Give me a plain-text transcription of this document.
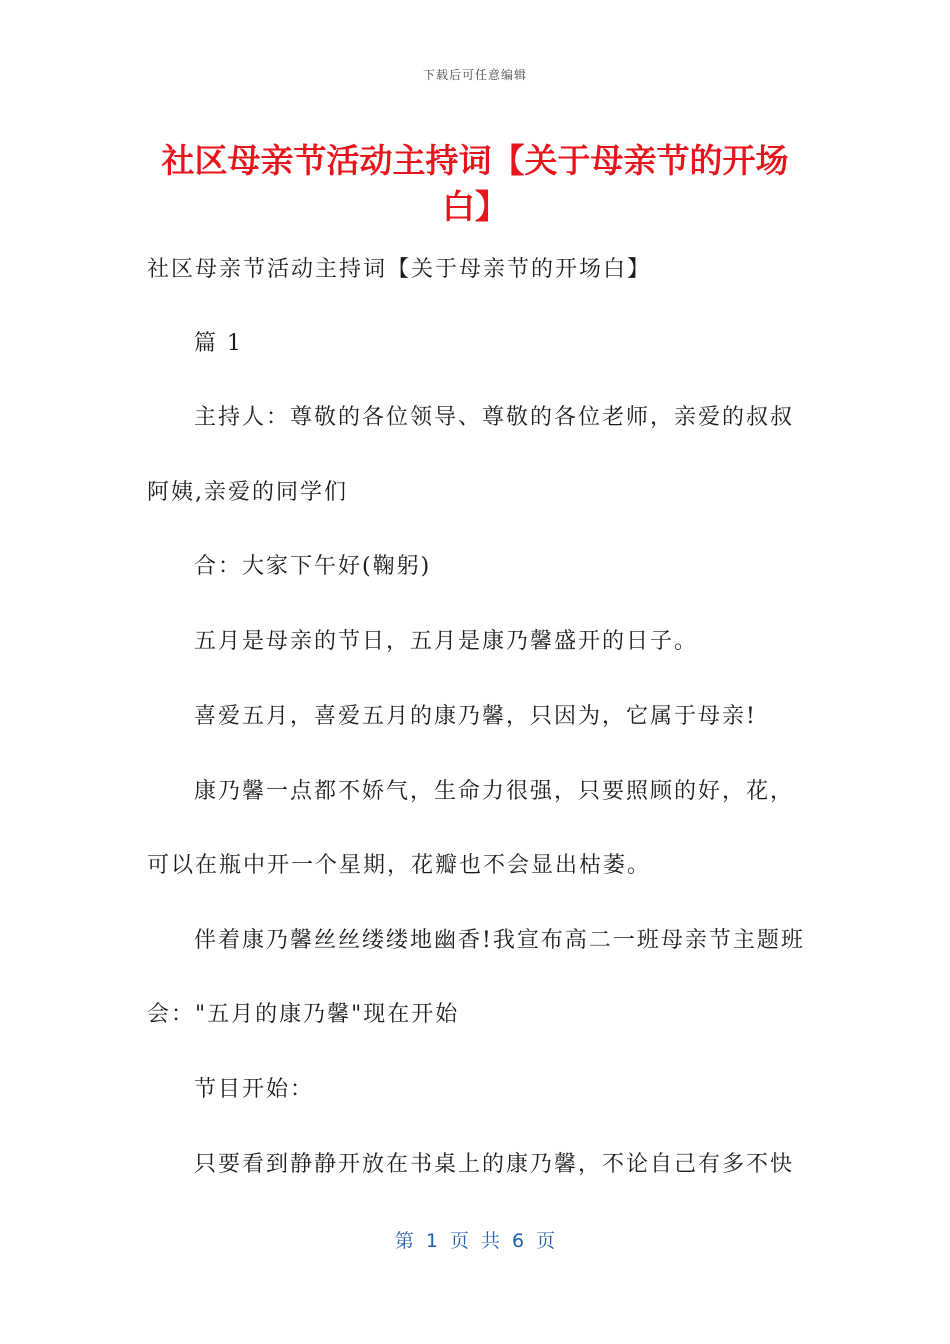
下载后可任意编辑
社区母亲节活动主持词【关于母亲节的开场
白】

社区母亲节活动主持词【关于母亲节的开场白】

篇 1

主持人：尊敬的各位领导、尊敬的各位老师，亲爱的叔叔

阿姨,亲爱的同学们

合：大家下午好(鞠躬)

五月是母亲的节日，五月是康乃馨盛开的日子。

喜爱五月，喜爱五月的康乃馨，只因为，它属于母亲!

康乃馨一点都不娇气，生命力很强，只要照顾的好，花，

可以在瓶中开一个星期，花瓣也不会显出枯萎。

伴着康乃馨丝丝缕缕地幽香!我宣布高二一班母亲节主题班

会："五月的康乃馨"现在开始

节目开始：

只要看到静静开放在书桌上的康乃馨，不论自己有多不快

第 1 页 共 6 页
